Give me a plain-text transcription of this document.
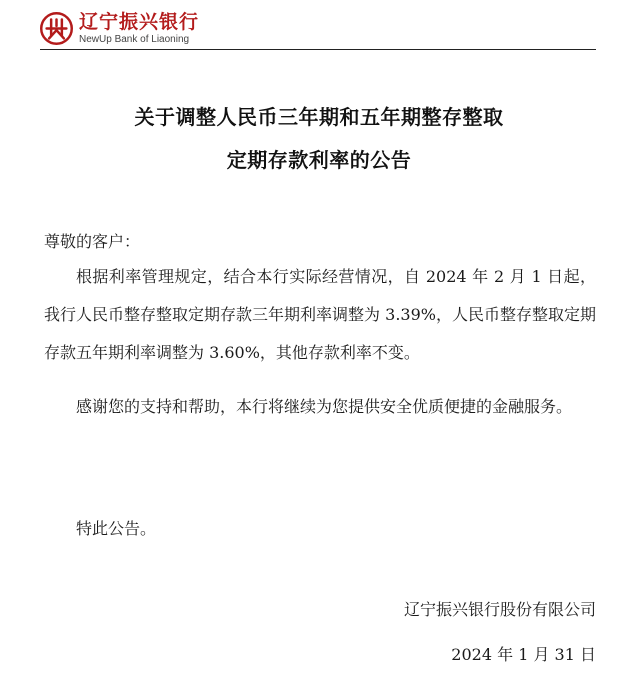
辽宁振兴银行
NewUp Bank of Liaoning
关于调整人民币三年期和五年期整存整取
定期存款利率的公告
尊敬的客户：
根据利率管理规定，结合本行实际经营情况，自 2024 年 2 月 1 日起，我行人民币整存整取定期存款三年期利率调整为 3.39%，人民币整存整取定期存款五年期利率调整为 3.60%，其他存款利率不变。
感谢您的支持和帮助，本行将继续为您提供安全优质便捷的金融服务。
特此公告。
辽宁振兴银行股份有限公司
2024 年 1 月 31 日
